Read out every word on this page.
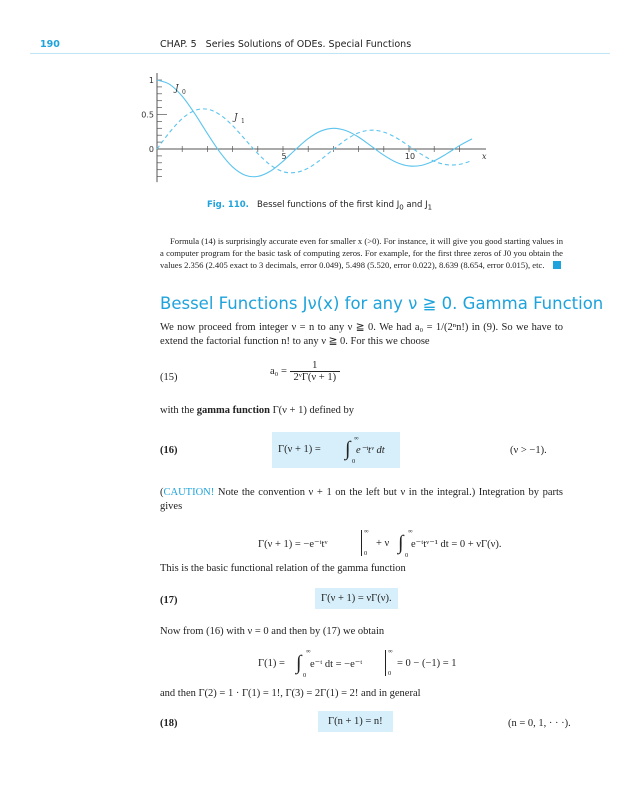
190	CHAP. 5 Series Solutions of ODEs. Special Functions
1
0.5
0
5	10	x
J 0
J 1
Fig. 110. Bessel functions of the first kind $J_0$ and $J_1$
Formula (14) is surprisingly accurate even for smaller x (>0). For instance, it will give you good starting values in a computer program for the basic task of computing zeros. For example, for the first three zeros of J0 you obtain the values 2.356 (2.405 exact to 3 decimals, error 0.049), 5.498 (5.520, error 0.022), 8.639 (8.654, error 0.015), etc.
Bessel Functions Jν(x) for any ν ≧ 0. Gamma Function
We now proceed from integer ν = n to any ν ≧ 0. We had a₀ = 1/(2ⁿn!) in (9). So we have to extend the factorial function n! to any ν ≧ 0. For this we choose
(15)
$a_0 = \frac{1}{\text{2ᵛΓ(ν + 1)}}$
with the gamma function Γ(ν + 1) defined by
(16)	Γ(ν + 1) = ∫ ∞
0
e⁻ᵗtᵛ dt	(ν > −1).
(CAUTION! Note the convention ν + 1 on the left but ν in the integral.) Integration by parts gives
Γ(ν + 1) = −e⁻ᵗtᵛ
∞
0
+ ν ∫
∞
0
e⁻ᵗtᵛ⁻¹ dt = 0 + νΓ(ν).
This is the basic functional relation of the gamma function
(17)	Γ(ν + 1) = νΓ(ν).
Now from (16) with ν = 0 and then by (17) we obtain
Γ(1) = ∫
∞
0
e⁻ᵗ dt = −e⁻ᵗ
∞
0
= 0 − (−1) = 1
and then Γ(2) = 1 · Γ(1) = 1!, Γ(3) = 2Γ(1) = 2! and in general
(18)	Γ(n + 1) = n!	(n = 0, 1, · · ·).
